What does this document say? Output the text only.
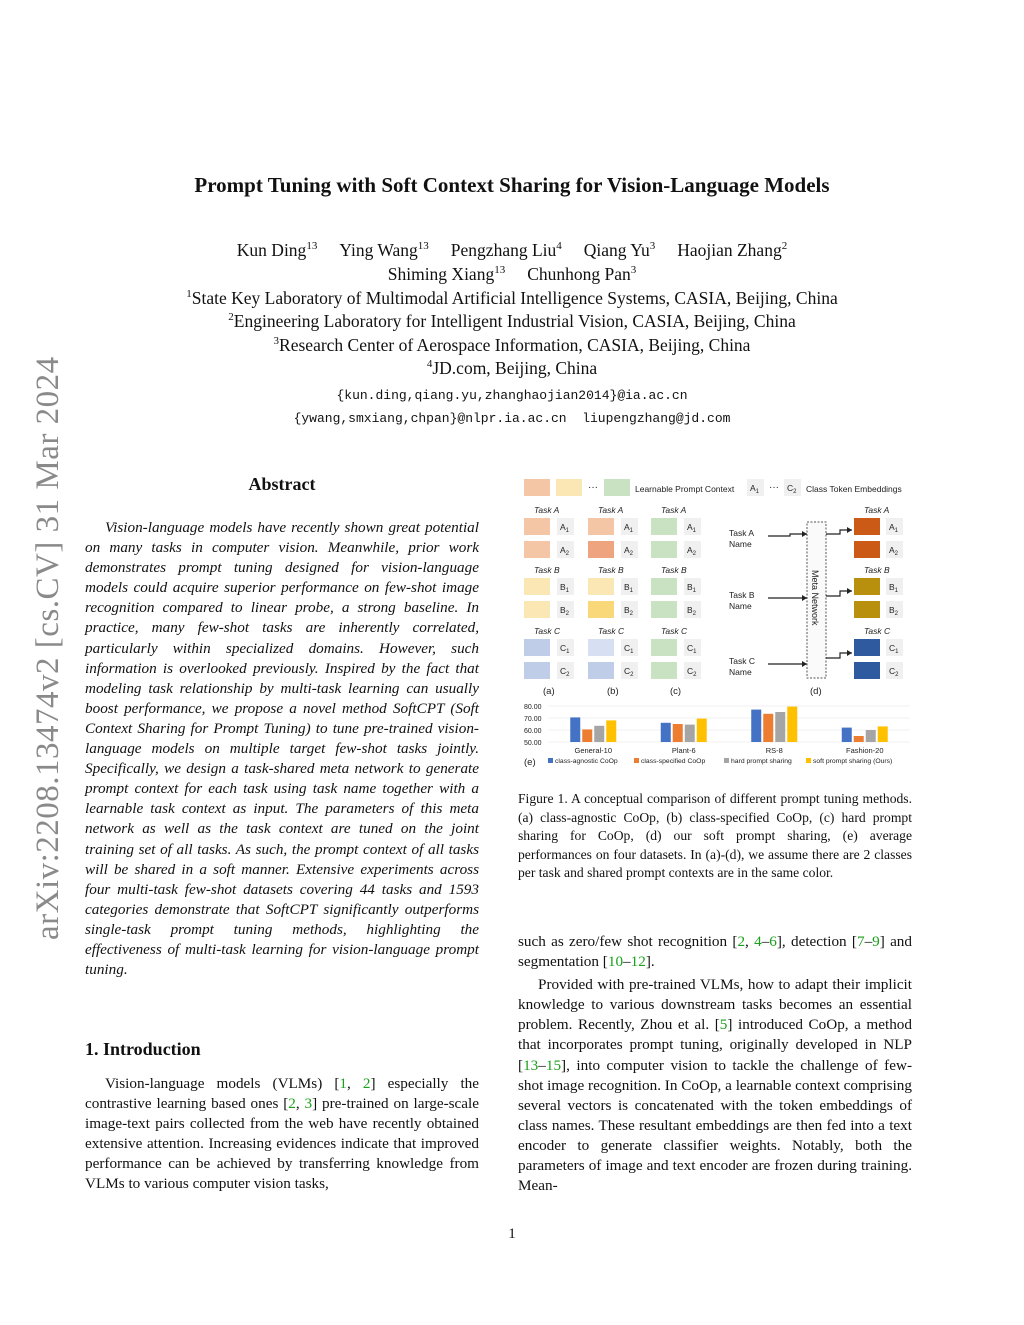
arXiv:2208.13474v2 [cs.CV] 31 Mar 2024
Prompt Tuning with Soft Context Sharing for Vision-Language Models
Kun Ding$^{13}$ Ying Wang$^{13}$ Pengzhang Liu$^4$ Qiang Yu$^3$ Haojian Zhang$^2$
Shiming Xiang$^{13}$ Chunhong Pan$^3$
$^1$State Key Laboratory of Multimodal Artificial Intelligence Systems, CASIA, Beijing, China
$^2$Engineering Laboratory for Intelligent Industrial Vision, CASIA, Beijing, China
$^3$Research Center of Aerospace Information, CASIA, Beijing, China
$^4$JD.com, Beijing, China
{kun.ding,qiang.yu,zhanghaojian2014}@ia.ac.cn
{ywang,smxiang,chpan}@nlpr.ia.ac.cn  liupengzhang@jd.com
Abstract

Vision-language models have recently shown great potential on many tasks in computer vision. Meanwhile, prior work demonstrates prompt tuning designed for vision-language models could acquire superior performance on few-shot image recognition compared to linear probe, a strong baseline. In practice, many few-shot tasks are inherently correlated, particularly within specialized domains. However, such information is overlooked previously. Inspired by the fact that modeling task relationship by multi-task learning can usually boost performance, we propose a novel method SoftCPT (Soft Context Sharing for Prompt Tuning) to tune pre-trained vision-language models on multiple target few-shot tasks jointly. Specifically, we design a task-shared meta network to generate prompt context for each task using task name together with a learnable task context as input. The parameters of this meta network as well as the task context are tuned on the joint training set of all tasks. As such, the prompt context of all tasks will be shared in a soft manner. Extensive experiments across four multi-task few-shot datasets covering 44 tasks and 1593 categories demonstrate that SoftCPT significantly outperforms single-task prompt tuning methods, highlighting the effectiveness of multi-task learning for vision-language prompt tuning.

1. Introduction

Vision-language models (VLMs) [1, 2] especially the contrastive learning based ones [2, 3] pre-trained on large-scale image-text pairs collected from the web have recently obtained extensive attention. Increasing evidences indicate that improved performance can be achieved by transferring knowledge from VLMs to various computer vision tasks,

···	Learnable Prompt Context $A_1$ ··· $C_2$ Class Token Embeddings
Task A
$A_1$
$A_2$
Task B
$B_1$
$B_2$
Task C
$C_1$
$C_2$
(a)
Task A
$A_1$
$A_2$
Task B
$B_1$
$B_2$
Task C
$C_1$
$C_2$
(b)
Task A
$A_1$
$A_2$
Task B
$B_1$
$B_2$
Task C
$C_1$
$C_2$
(c)
Task A
Name
Task B
Name
Task C
Name
Meta Network
Task A
$A_1$
$A_2$
Task B
$B_1$
$B_2$
Task C
$C_1$
$C_2$
(d)
80.00
70.00
60.00
50.00
General-10	Plant-6	RS-8	Fashion-20
(e)	class-agnostic CoOp	class-specified CoOp	hard prompt sharing	soft prompt sharing (Ours)
Figure 1. A conceptual comparison of different prompt tuning methods. (a) class-agnostic CoOp, (b) class-specified CoOp, (c) hard prompt sharing for CoOp, (d) our soft prompt sharing, (e) average performances on four datasets. In (a)-(d), we assume there are 2 classes per task and shared prompt contexts are in the same color.

such as zero/few shot recognition [2, 4–6], detection [7–9] and segmentation [10–12].

Provided with pre-trained VLMs, how to adapt their implicit knowledge to various downstream tasks becomes an essential problem. Recently, Zhou et al. [5] introduced CoOp, a method that incorporates prompt tuning, originally developed in NLP [13–15], into computer vision to tackle the challenge of few-shot image recognition. In CoOp, a learnable context comprising several vectors is concatenated with the token embeddings of class names. These resultant embeddings are then fed into a text encoder to generate classifier weights. Notably, both the parameters of image and text encoder are frozen during training. Mean-

1
